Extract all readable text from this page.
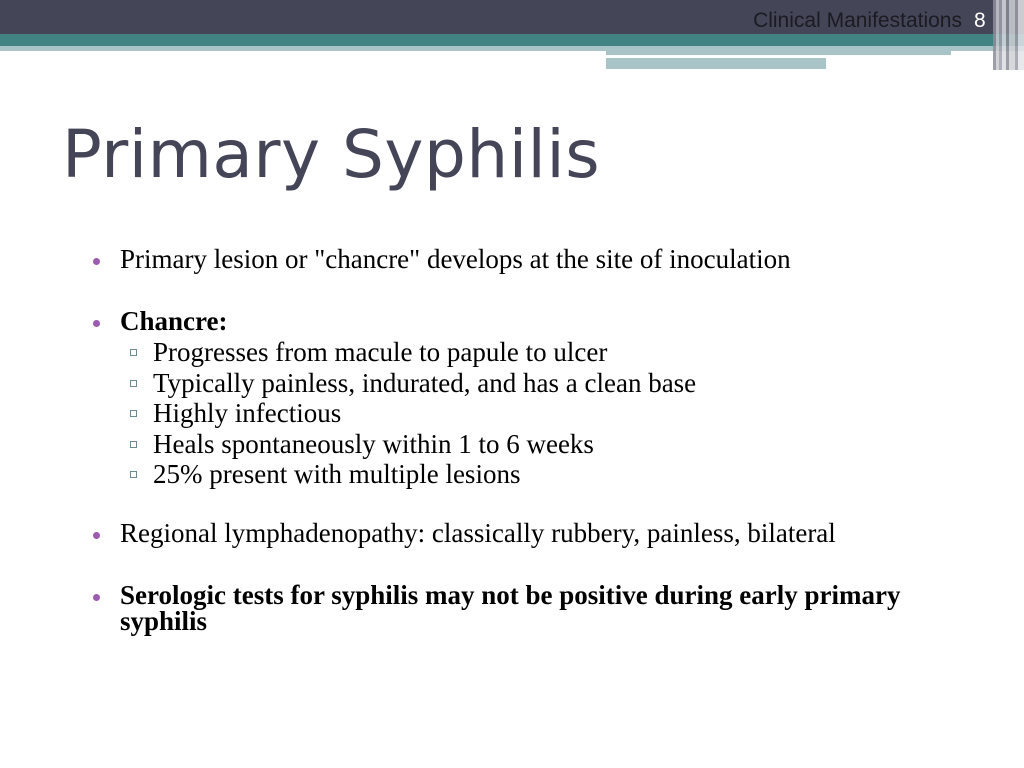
Clinical Manifestations 8
Primary Syphilis
Primary lesion or "chancre" develops at the site of inoculation
Chancre:
Progresses from macule to papule to ulcer
Typically painless, indurated, and has a clean base
Highly infectious
Heals spontaneously within 1 to 6 weeks
25% present with multiple lesions
Regional lymphadenopathy: classically rubbery, painless, bilateral
Serologic tests for syphilis may not be positive during early primary syphilis
